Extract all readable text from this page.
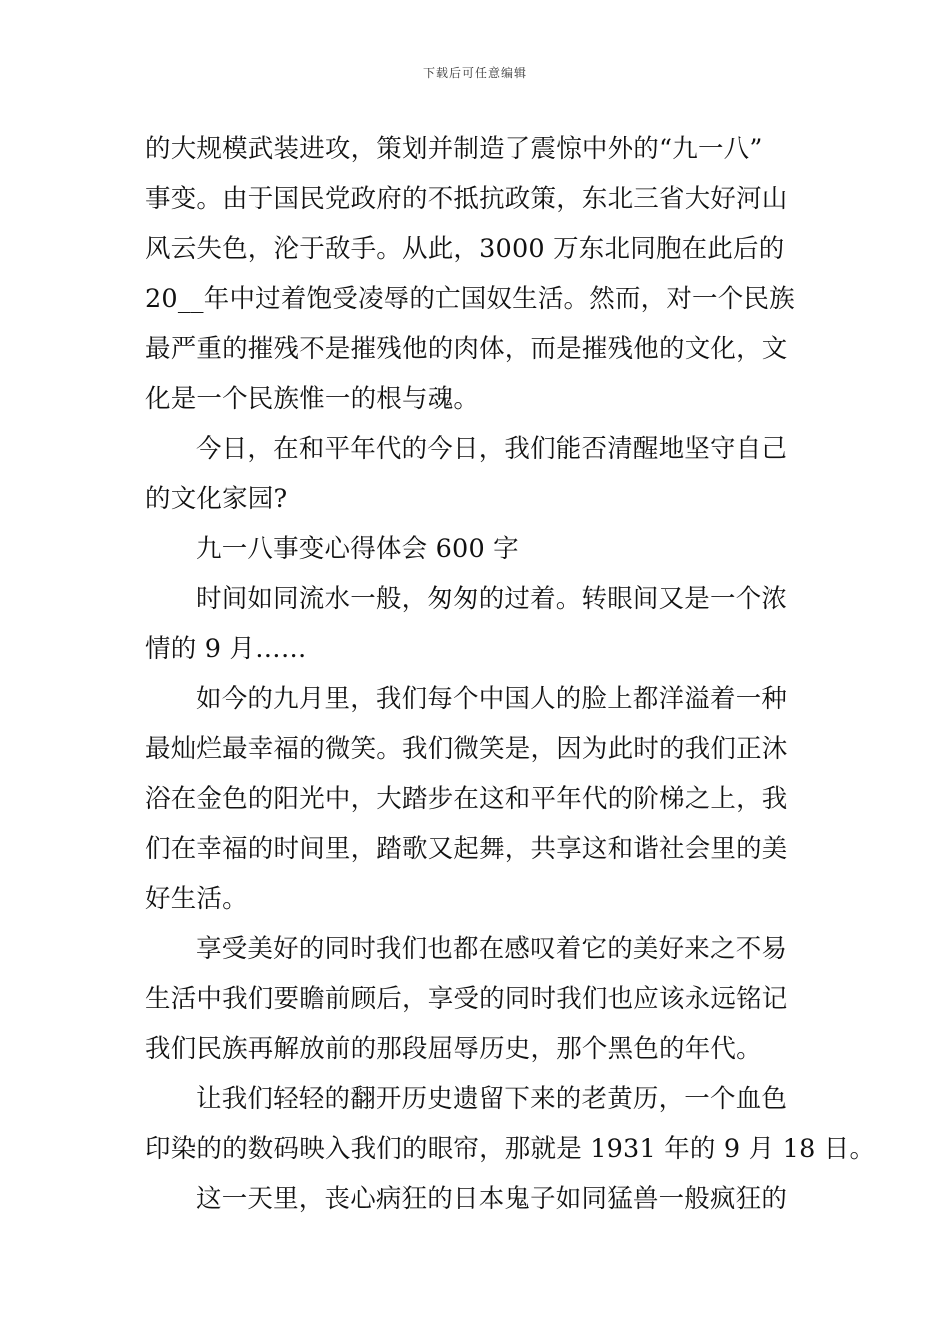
下载后可任意编辑
的大规模武装进攻，策划并制造了震惊中外的“九一八”
事变。由于国民党政府的不抵抗政策，东北三省大好河山
风云失色，沦于敌手。从此，3000 万东北同胞在此后的
20__年中过着饱受凌辱的亡国奴生活。然而，对一个民族
最严重的摧残不是摧残他的肉体，而是摧残他的文化，文
化是一个民族惟一的根与魂。
今日，在和平年代的今日，我们能否清醒地坚守自己
的文化家园?
九一八事变心得体会 600 字
时间如同流水一般，匆匆的过着。转眼间又是一个浓
情的 9 月……
如今的九月里，我们每个中国人的脸上都洋溢着一种
最灿烂最幸福的微笑。我们微笑是，因为此时的我们正沐
浴在金色的阳光中，大踏步在这和平年代的阶梯之上，我
们在幸福的时间里，踏歌又起舞，共享这和谐社会里的美
好生活。
享受美好的同时我们也都在感叹着它的美好来之不易
生活中我们要瞻前顾后，享受的同时我们也应该永远铭记
我们民族再解放前的那段屈辱历史，那个黑色的年代。
让我们轻轻的翻开历史遗留下来的老黄历，一个血色
印染的的数码映入我们的眼帘，那就是 1931 年的 9 月 18 日。
这一天里，丧心病狂的日本鬼子如同猛兽一般疯狂的
